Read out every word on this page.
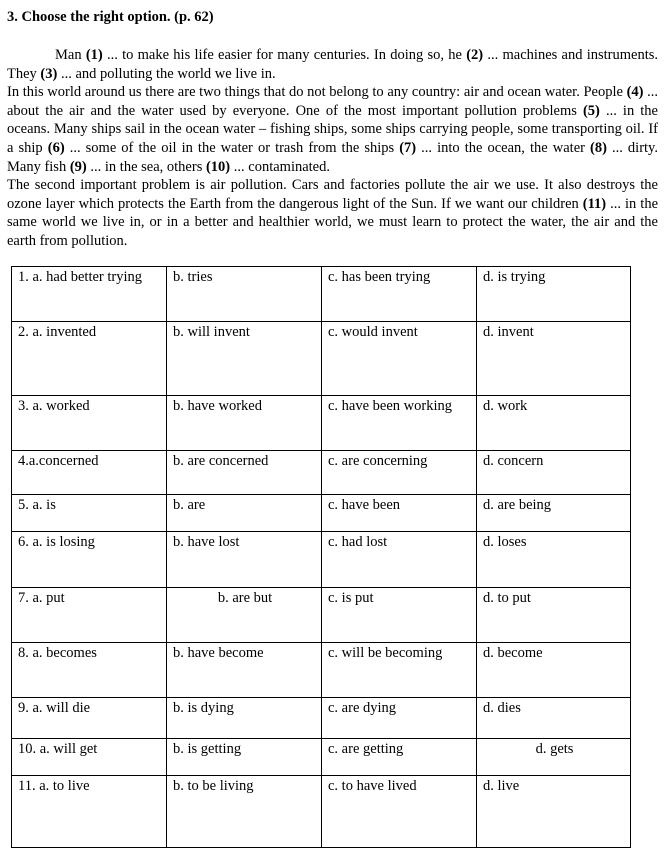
3. Choose the right option. (p. 62)

Man (1) ... to make his life easier for many centuries. In doing so, he (2) ... machines and instruments. They (3) ... and polluting the world we live in.

In this world around us there are two things that do not belong to any country: air and ocean water. People (4) ... about the air and the water used by everyone. One of the most important pollution problems (5) ... in the oceans. Many ships sail in the ocean water – fishing ships, some ships carrying people, some transporting oil. If a ship (6) ... some of the oil in the water or trash from the ships (7) ... into the ocean, the water (8) ... dirty. Many fish (9) ... in the sea, others (10) ... contaminated.

The second important problem is air pollution. Cars and factories pollute the air we use. It also destroys the ozone layer which protects the Earth from the dangerous light of the Sun. If we want our children (11) ... in the same world we live in, or in a better and healthier world, we must learn to protect the water, the air and the earth from pollution.

1. a. had better trying	b. tries	c. has been trying	d. is trying
2. a. invented	b. will invent	c. would invent	d. invent
3. a. worked	b. have worked	c. have been working	d. work
4.a.concerned	b. are concerned	c. are concerning	d. concern
5. a. is	b. are	c. have been	d. are being
6. a. is losing	b. have lost	c. had lost	d. loses
7. a. put	b. are but	c. is put	d. to put
8. a. becomes	b. have become	c. will be becoming	d. become
9. a. will die	b. is dying	c. are dying	d. dies
10. a. will get	b. is getting	c. are getting	d. gets
11. a. to live	b. to be living	c. to have lived	d. live
